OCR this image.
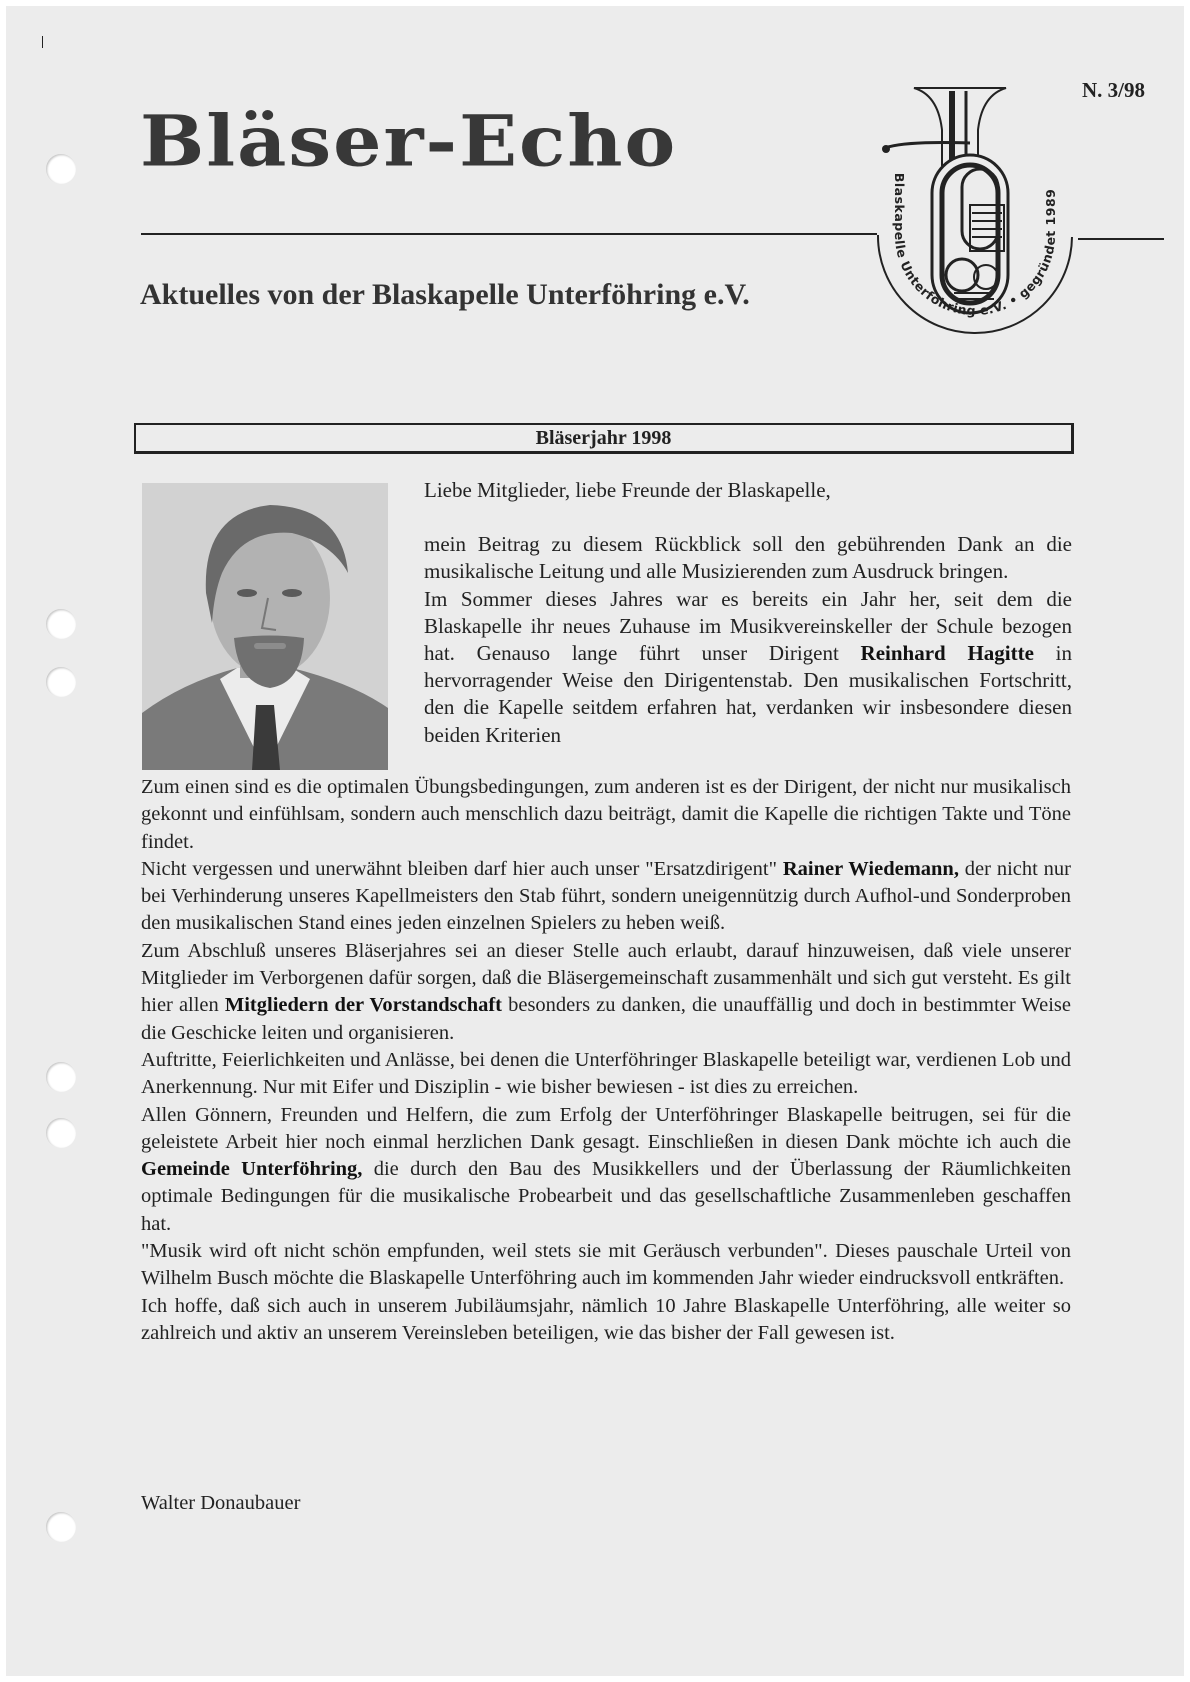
N. 3/98
Bläser-Echo
Aktuelles von der Blaskapelle Unterföhring e.V.
Blaskapelle Unterföhring e.V. • gegründet 1989
Bläserjahr 1998

Liebe Mitglieder, liebe Freunde der Blaskapelle,

mein Beitrag zu diesem Rückblick soll den gebührenden Dank an die musikalische Leitung und alle Musizierenden zum Ausdruck bringen.

Im Sommer dieses Jahres war es bereits ein Jahr her, seit dem die Blaskapelle ihr neues Zuhause im Musikvereinskeller der Schule bezogen hat. Genauso lange führt unser Dirigent Reinhard Hagitte in hervorragender Weise den Dirigentenstab. Den musikalischen Fortschritt, den die Kapelle seitdem erfahren hat, verdanken wir insbesondere diesen beiden Kriterien

Zum einen sind es die optimalen Übungsbedingungen, zum anderen ist es der Dirigent, der nicht nur musikalisch gekonnt und einfühlsam, sondern auch menschlich dazu beiträgt, damit die Kapelle die richtigen Takte und Töne findet.

Nicht vergessen und unerwähnt bleiben darf hier auch unser "Ersatzdirigent" Rainer Wiedemann, der nicht nur bei Verhinderung unseres Kapellmeisters den Stab führt, sondern uneigennützig durch Aufhol-und Sonderproben den musikalischen Stand eines jeden einzelnen Spielers zu heben weiß.

Zum Abschluß unseres Bläserjahres sei an dieser Stelle auch erlaubt, darauf hinzuweisen, daß viele unserer Mitglieder im Verborgenen dafür sorgen, daß die Bläsergemeinschaft zusammenhält und sich gut versteht. Es gilt hier allen Mitgliedern der Vorstandschaft besonders zu danken, die unauffällig und doch in bestimmter Weise die Geschicke leiten und organisieren.

Auftritte, Feierlichkeiten und Anlässe, bei denen die Unterföhringer Blaskapelle beteiligt war, verdienen Lob und Anerkennung. Nur mit Eifer und Disziplin - wie bisher bewiesen - ist dies zu erreichen.

Allen Gönnern, Freunden und Helfern, die zum Erfolg der Unterföhringer Blaskapelle beitrugen, sei für die geleistete Arbeit hier noch einmal herzlichen Dank gesagt. Einschließen in diesen Dank möchte ich auch die Gemeinde Unterföhring, die durch den Bau des Musikkellers und der Überlassung der Räumlichkeiten optimale Bedingungen für die musikalische Probearbeit und das gesellschaftliche Zusammenleben geschaffen hat.

"Musik wird oft nicht schön empfunden, weil stets sie mit Geräusch verbunden". Dieses pauschale Urteil von Wilhelm Busch möchte die Blaskapelle Unterföhring auch im kommenden Jahr wieder eindrucksvoll entkräften.

Ich hoffe, daß sich auch in unserem Jubiläumsjahr, nämlich 10 Jahre Blaskapelle Unterföhring, alle weiter so zahlreich und aktiv an unserem Vereinsleben beteiligen, wie das bisher der Fall gewesen ist.

Walter Donaubauer
